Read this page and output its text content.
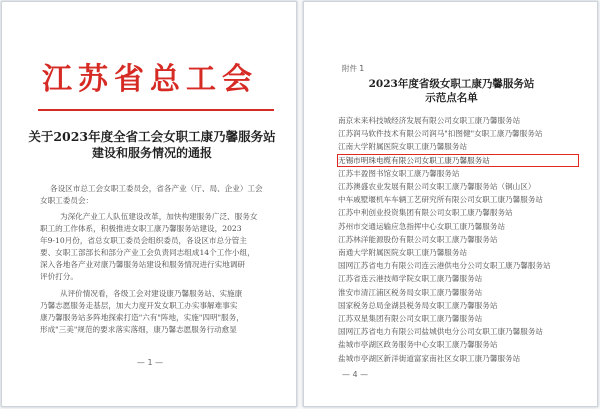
江苏省总工会
关于2023年度全省工会女职工康乃馨服务站
建设和服务情况的通报
各设区市总工会女职工委员会，省各产业（厅、局、企业）工会
女职工委员会：
为深化产业工人队伍建设改革，加快构建服务广泛、服务女
职工的工作体系，积极推进女职工康乃馨服务站建设，2023
年9-10月份，省总女职工委员会组织委员，各设区市总分管主
要、女职工部部长和部分产业工会负责同志组成14个工作小组，
深入各地各产业对康乃馨服务站建设和服务情况进行实地调研
评价打分。
从评价情况看，各级工会对建设康乃馨服务站、实施康
乃馨志愿服务走基层，加大力度开发女职工办实事解难事实
康乃馨服务站多阵地探索打造"六有"阵地，实施"四明"服务，
形成"三美"规范的要求落实落细，康乃馨志愿服务行动愈显
— 1 —
附件 1
2023年度省级女职工康乃馨服务站
示范点名单
南京未来科技城经济发展有限公司女职工康乃馨服务站
江苏润马软件技术有限公司润马"扣图健"女职工康乃馨服务站
江南大学附属医院女职工康乃馨服务站
无锡市明珠电缆有限公司女职工康乃馨服务站
江苏丰盈图书馆女职工康乃馨服务站
江苏澳盛农业发展有限公司女职工康乃馨服务站（铜山区）
中车戚墅堰机车车辆工艺研究所有限公司女职工康乃馨服务站
江苏中利创业投资集团有限公司女职工康乃馨服务站
苏州市交通运输应急指挥中心女职工康乃馨服务站
江苏林洋能源股份有限公司女职工康乃馨服务站
南通大学附属医院女职工康乃馨服务站
国网江苏省电力有限公司连云港供电分公司女职工康乃馨服务站
江苏省连云港技师学院女职工康乃馨服务站
淮安市清江浦区税务局女职工康乃馨服务站
国家税务总局金湖县税务局女职工康乃馨服务站
江苏双星集团有限公司女职工康乃馨服务站
国网江苏省电力有限公司盐城供电分公司女职工康乃馨服务站
盐城市亭湖区政务服务中心女职工康乃馨服务站
盐城市亭湖区新洋街道富家南社区女职工康乃馨服务站
— 4 —
